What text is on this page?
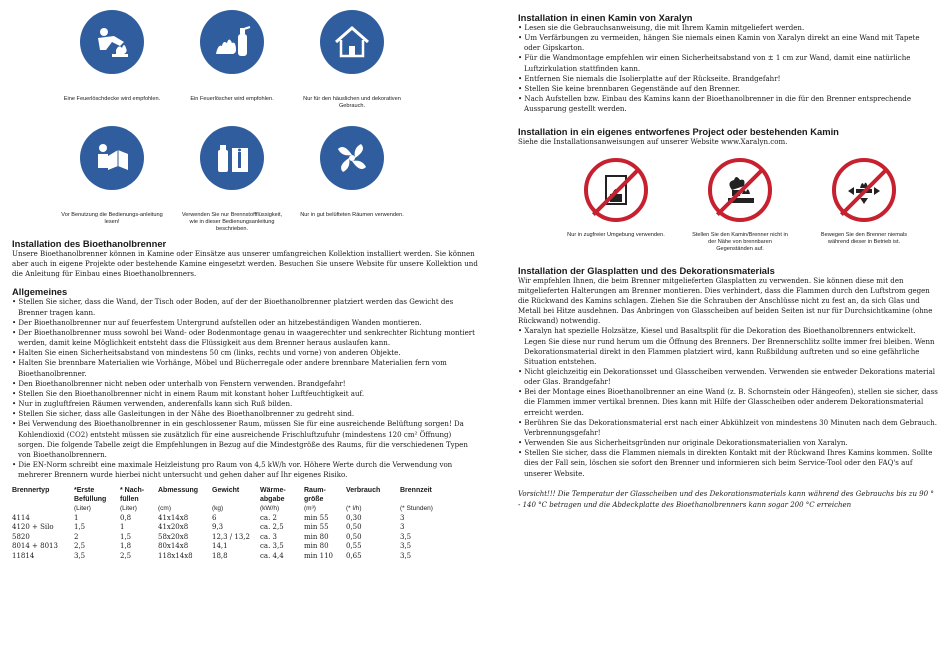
Eine Feuerlöschdecke wird empfohlen.	Ein Feuerlöscher wird empfohlen.	Nur für den häuslichen und dekorativen Gebrauch.
Vor Benutzung die Bedienungs-anleitung lesen!
Verwenden Sie nur Brennstoffflüssigkeit, wie in dieser Bedienungsanleitung beschrieben.
Nur in gut belüfteten Räumen verwenden.
Installation des Bioethanolbrenner

Unsere Bioethanolbrenner können in Kamine oder Einsätze aus unserer umfangreichen Kollektion installiert werden. Sie können aber auch in eigene Projekte oder bestehende Kamine eingesetzt werden. Besuchen Sie unsere Website für unsere Kollektion und die Anleitung für Einbau eines Bioethanolbrenners.

Allgemeines
• Stellen Sie sicher, dass die Wand, der Tisch oder Boden, auf der der Bioethanolbrenner platziert werden das Gewicht des Brenner tragen kann.
• Der Bioethanolbrenner nur auf feuerfestem Untergrund aufstellen oder an hitzebeständigen Wanden montieren.
• Der Bioethanolbrenner muss sowohl bei Wand- oder Bodenmontage genau in waagerechter und senkrechter Richtung montiert werden, damit keine Möglichkeit entsteht dass die Flüssigkeit aus dem Brenner heraus auslaufen kann.
• Halten Sie einen Sicherheitsabstand von mindestens 50 cm (links, rechts und vorne) von anderen Objekte.
• Halten Sie brennbare Materialien wie Vorhänge, Möbel und Bücherregale oder andere brennbare Materialien fern vom Bioethanolbrenner.
• Den Bioethanolbrenner nicht neben oder unterhalb von Fenstern verwenden. Brandgefahr!
• Stellen Sie den Bioethanolbrenner nicht in einem Raum mit konstant hoher Luftfeuchtigkeit auf.
• Nur in zugluftfreien Räumen verwenden, anderenfalls kann sich Ruß bilden.
• Stellen Sie sicher, dass alle Gasleitungen in der Nähe des Bioethanolbrenner zu gedreht sind.
• Bei Verwendung des Bioethanolbrenner in ein geschlossener Raum, müssen Sie für eine ausreichende Belüftung sorgen! Da Kohlendioxid (CO2) entsteht müssen sie zusätzlich für eine ausreichende Frischluftzufuhr (mindestens 120 cm² Öffnung) sorgen. Die folgende Tabelle zeigt die Empfehlungen in Bezug auf die Mindestgröße des Raums, für die verschiedenen Typen von Bioethanolbrennern.
• Die EN-Norm schreibt eine maximale Heizleistung pro Raum von 4,5 kW/h vor. Höhere Werte durch die Verwendung von mehrerer Brennern wurde hierbei nicht untersucht und gehen daher auf Ihr eigenes Risiko.
Brennertyp	*Erste Befüllung	* Nach-füllen	Abmessung	Gewicht	Wärme-abgabe	Raum-größe	Verbrauch	Brennzeit
	(Liter)	(Liter)	(cm)	(kg)	(kW/h)	(m³)	(* l/h)	(* Stunden)
4114	1	0,8	41x14x8	6	ca. 2	min 55	0,30	3
4120 + Silo	1,5	1	41x20x8	9,3	ca. 2,5	min 55	0,50	3
5820	2	1,5	58x20x8	12,3 / 13,2	ca. 3	min 80	0,50	3,5
8014 + 8013	2,5	1,8	80x14x8	14,1	ca. 3,5	min 80	0,55	3,5
11814	3,5	2,5	118x14x8	18,8	ca. 4,4	min 110	0,65	3,5
Installation in einen Kamin von Xaralyn
• Lesen sie die Gebrauchsanweisung, die mit Ihrem Kamin mitgeliefert werden.
• Um Verfärbungen zu vermeiden, hängen Sie niemals einen Kamin von Xaralyn direkt an eine Wand mit Tapete oder Gipskarton.
• Für die Wandmontage empfehlen wir einen Sicherheitsabstand von ± 1 cm zur Wand, damit eine natürliche Luftzirkulation stattfinden kann.
• Entfernen Sie niemals die Isolierplatte auf der Rückseite. Brandgefahr!
• Stellen Sie keine brennbaren Gegenstände auf den Brenner.
• Nach Aufstellen bzw. Einbau des Kamins kann der Bioethanolbrenner in die für den Brenner entsprechende Aussparung gestellt werden.
Installation in ein eigenes entworfenes Project oder bestehenden Kamin

Siehe die Installationsanweisungen auf unserer Website www.Xaralyn.com.

Nur in zugfreier Umgebung verwenden.	Stellen Sie den Kamin/Brenner nicht in der Nähe von brennbaren Gegenständen auf.
Bewegen Sie den Brenner niemals während dieser in Betrieb ist.
Installation der Glasplatten und des Dekorationsmaterials

Wir empfehlen Ihnen, die beim Brenner mitgelieferten Glasplatten zu verwenden. Sie können diese mit den mitgelieferten Halterungen am Brenner montieren. Dies verhindert, dass die Flammen durch den Luftstrom gegen die Rückwand des Kamins schlagen. Ziehen Sie die Schrauben der Anschlüsse nicht zu fest an, da sich Glas und Metall bei Hitze ausdehnen. Das Anbringen von Glasscheiben auf beiden Seiten ist nur für Durchsichtkamine (ohne Rückwand) notwendig.

• Xaralyn hat spezielle Holzsätze, Kiesel und Basaltsplit für die Dekoration des Bioethanolbrenners entwickelt. Legen Sie diese nur rund herum um die Öffnung des Brenners. Der Brennerschlitz sollte immer frei bleiben. Wenn Dekorationsmaterial direkt in den Flammen platziert wird, kann Rußbildung auftreten und so eine gefährliche Situation entstehen.
• Nicht gleichzeitig ein Dekorationsset und Glasscheiben verwenden. Verwenden sie entweder Dekorations material oder Glas. Brandgefahr!
• Bei der Montage eines Bioethanolbrenner an eine Wand (z. B. Schornstein oder Hängeofen), stellen sie sicher, dass die Flammen immer vertikal brennen. Dies kann mit Hilfe der Glasscheiben oder anderem Dekorationsmaterial erreicht werden.
• Berühren Sie das Dekorationsmaterial erst nach einer Abkühlzeit von mindestens 30 Minuten nach dem Gebrauch. Verbrennungsgefahr!
• Verwenden Sie aus Sicherheitsgründen nur originale Dekorationsmaterialien von Xaralyn.
• Stellen Sie sicher, dass die Flammen niemals in direkten Kontakt mit der Rückwand Ihres Kamins kommen. Sollte dies der Fall sein, löschen sie sofort den Brenner und informieren sich beim Service-Tool oder den FAQ's auf unserer Website.

Vorsicht!!! Die Temperatur der Glasscheiben und des Dekorationsmaterials kann während des Gebrauchs bis zu 90 ° - 140 °C betragen und die Abdeckplatte des Bioethanolbrenners kann sogar 200 °C erreichen
